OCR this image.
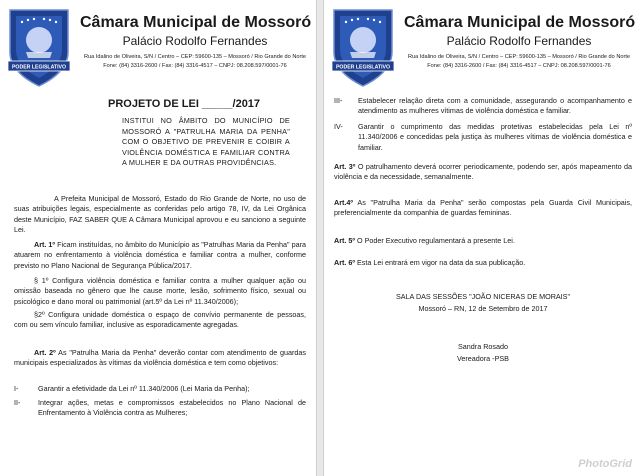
PODER LEGISLATIVO
Câmara Municipal de Mossoró
Palácio Rodolfo Fernandes
Rua Idalino de Oliveira, S/N / Centro – CEP: 59600-135 – Mossoró / Rio Grande do Norte
Fone: (84) 3316-2600 / Fax: (84) 3316-4517 – CNPJ: 08.208.597/0001-76
PROJETO DE LEI _____/2017
INSTITUI NO ÂMBITO DO MUNICÍPIO DE MOSSORÓ A "PATRULHA MARIA DA PENHA" COM O OBJETIVO DE PREVENIR E COIBIR A VIOLÊNCIA DOMÉSTICA E FAMILIAR CONTRA A MULHER E DA OUTRAS PROVIDÊNCIAS.
A Prefeita Municipal de Mossoró, Estado do Rio Grande de Norte, no uso de suas atribuições legais, especialmente as conferidas pelo artigo 78, IV, da Lei Orgânica deste Município, FAZ SABER QUE A Câmara Municipal aprovou e eu sanciono a seguinte Lei.
Art. 1º Ficam instituídas, no âmbito do Município as "Patrulhas Maria da Penha" para atuarem no enfrentamento à violência doméstica e familiar contra a mulher, conforme previsto no Plano Nacional de Segurança Pública/2017.
§ 1º Configura violência doméstica e familiar contra a mulher qualquer ação ou omissão baseada no gênero que lhe cause morte, lesão, sofrimento físico, sexual ou psicológico e dano moral ou patrimonial (art.5º da Lei nº 11.340/2006);
§2º Configura unidade doméstica o espaço de convívio permanente de pessoas, com ou sem vínculo familiar, inclusive as esporadicamente agregadas.
Art. 2º As "Patrulha Maria da Penha" deverão contar com atendimento de guardas municipais especializados às vítimas da violência doméstica e tem como objetivos:
I-	Garantir a efetividade da Lei nº 11.340/2006 (Lei Maria da Penha);
II- Integrar ações, metas e compromissos estabelecidos no Plano Nacional de Enfrentamento à Violência contra as Mulheres;
PODER LEGISLATIVO
Câmara Municipal de Mossoró
Palácio Rodolfo Fernandes
Rua Idalino de Oliveira, S/N / Centro – CEP: 59600-135 – Mossoró / Rio Grande do Norte
Fone: (84) 3316-2600 / Fax: (84) 3316-4517 – CNPJ: 08.208.597/0001-76
III- Estabelecer relação direta com a comunidade, assegurando o acompanhamento e atendimento as mulheres vítimas de violência doméstica e familiar.
IV- Garantir o cumprimento das medidas protetivas estabelecidas pela Lei nº 11.340/2006 e concedidas pela justiça às mulheres vítimas de violência doméstica e familiar.
Art. 3º O patrulhamento deverá ocorrer periodicamente, podendo ser, após mapeamento da violência e da necessidade, semanalmente.
Art.4º As "Patrulha Maria da Penha" serão compostas pela Guarda Civil Municipais, preferencialmente da companhia de guardas femininas.
Art. 5º O Poder Executivo regulamentará a presente Lei.
Art. 6º Esta Lei entrará em vigor na data da sua publicação.
SALA DAS SESSÕES "JOÃO NICERAS DE MORAIS"
Mossoró – RN, 12 de Setembro de 2017
Sandra Rosado
Vereadora -PSB
PhotoGrid
